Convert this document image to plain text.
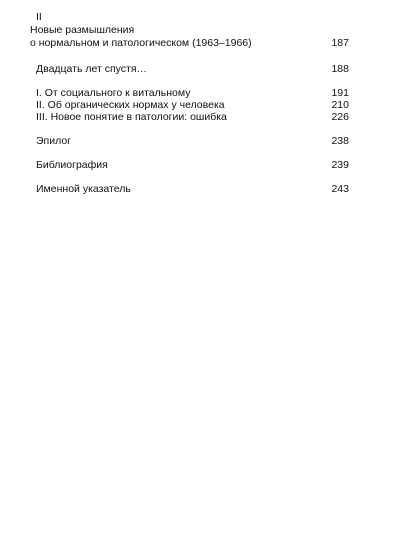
II
Новые размышления
о нормальном и патологическом (1963–1966)	187
Двадцать лет спустя…	188
I. От социального к витальному	191
II. Об органических нормах у человека	210
III. Новое понятие в патологии: ошибка	226
Эпилог	238
Библиография	239
Именной указатель	243
